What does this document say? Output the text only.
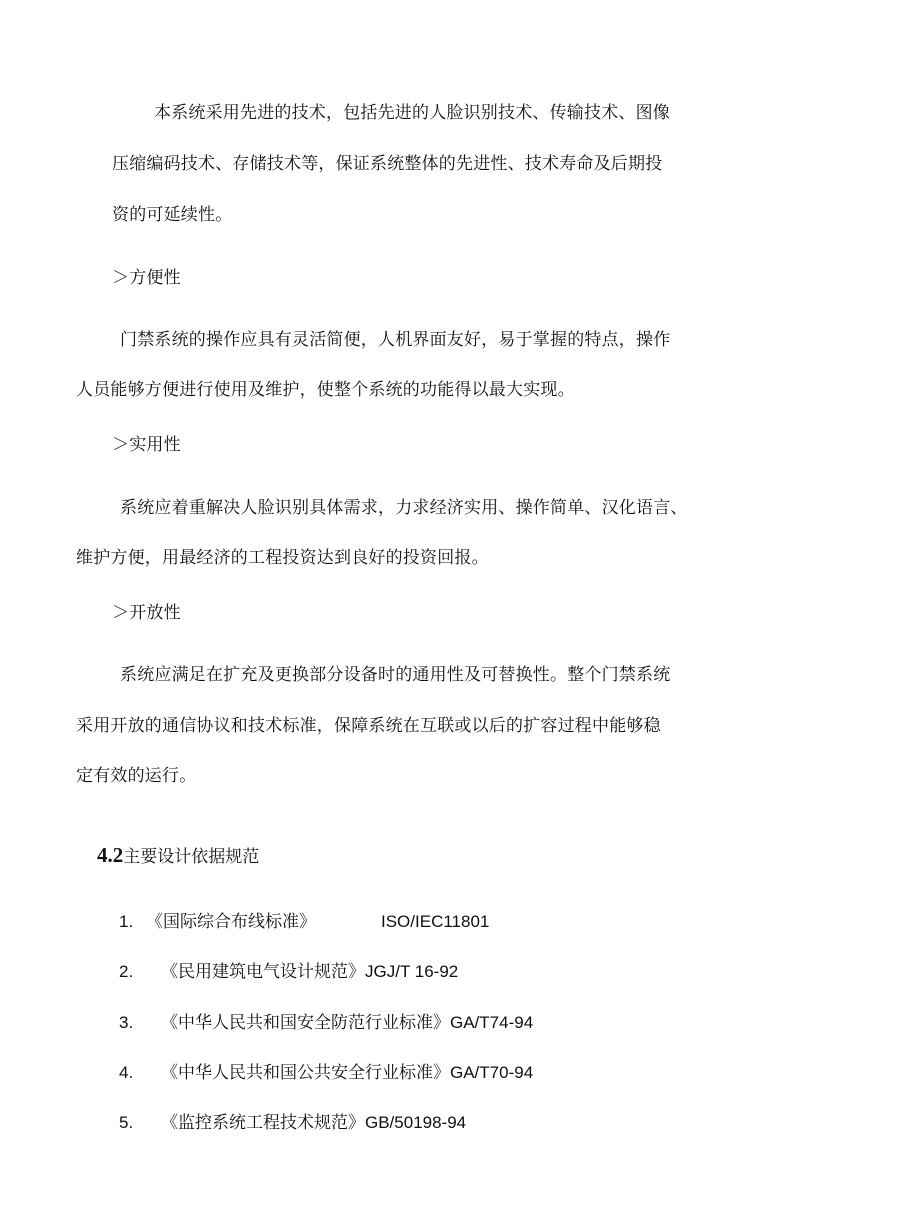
本系统采用先进的技术，包括先进的人脸识别技术、传输技术、图像
压缩编码技术、存储技术等，保证系统整体的先进性、技术寿命及后期投
资的可延续性。
＞方便性
门禁系统的操作应具有灵活简便，人机界面友好，易于掌握的特点，操作
人员能够方便进行使用及维护，使整个系统的功能得以最大实现。
＞实用性
系统应着重解决人脸识别具体需求，力求经济实用、操作简单、汉化语言、
维护方便，用最经济的工程投资达到良好的投资回报。
＞开放性
系统应满足在扩充及更换部分设备时的通用性及可替换性。整个门禁系统
采用开放的通信协议和技术标准，保障系统在互联或以后的扩容过程中能够稳
定有效的运行。
4.2主要设计依据规范
1. 《国际综合布线标准》	ISO/IEC11801
2. 《民用建筑电气设计规范》JGJ/T 16-92
3. 《中华人民共和国安全防范行业标准》GA/T74-94
4. 《中华人民共和国公共安全行业标准》GA/T70-94
5. 《监控系统工程技术规范》GB/50198-94
